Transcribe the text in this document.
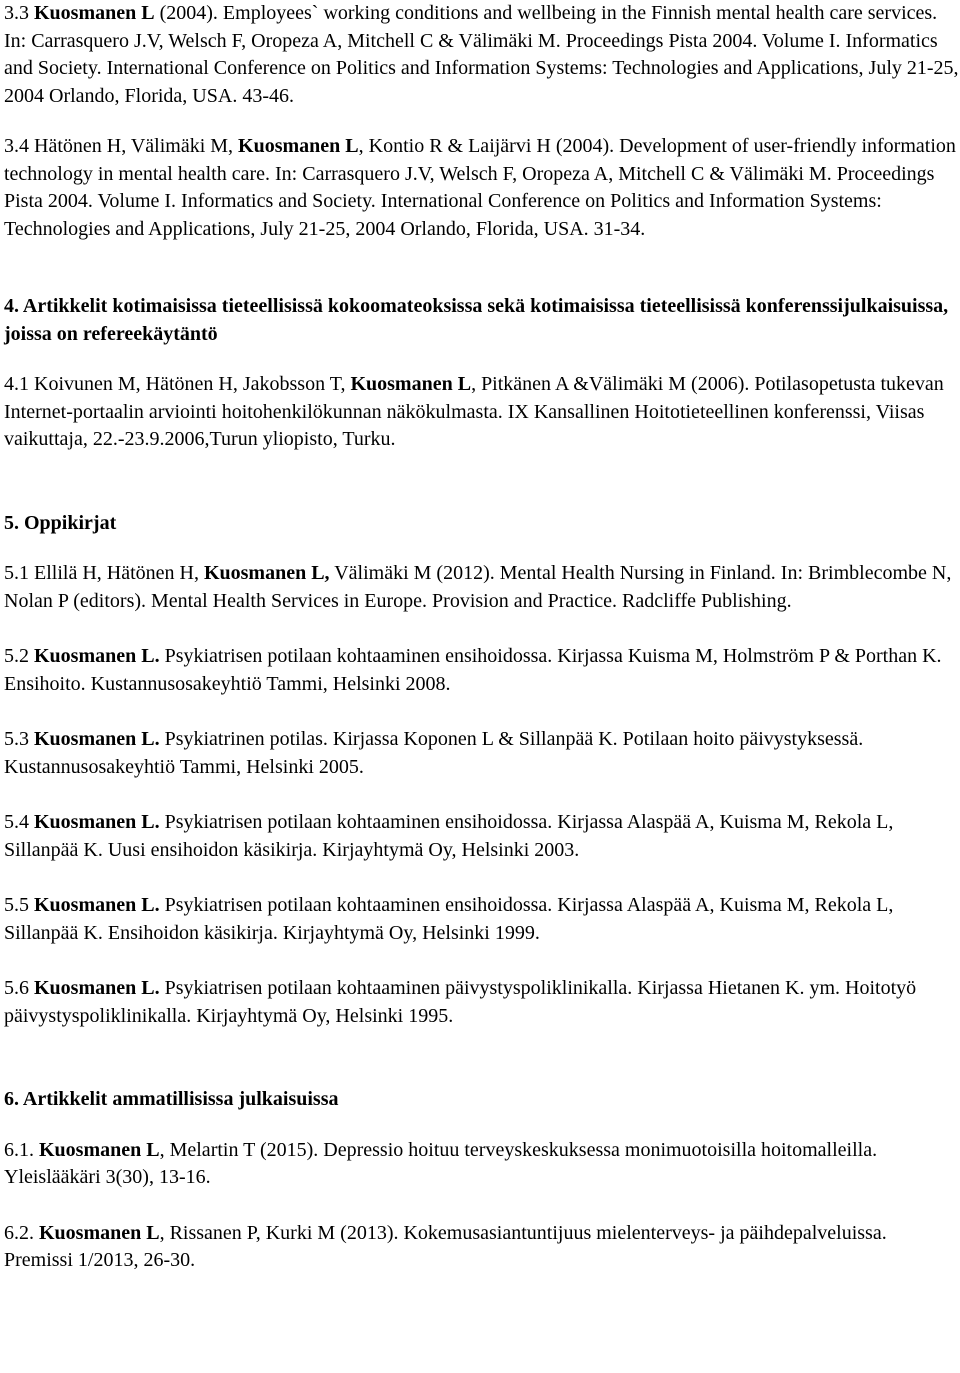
3.3 Kuosmanen L (2004). Employees` working conditions and wellbeing in the Finnish mental health care services. In: Carrasquero J.V, Welsch F, Oropeza A, Mitchell C & Välimäki M. Proceedings Pista 2004. Volume I. Informatics and Society. International Conference on Politics and Information Systems: Technologies and Applications, July 21-25, 2004 Orlando, Florida, USA. 43-46.

3.4 Hätönen H, Välimäki M, Kuosmanen L, Kontio R & Laijärvi H (2004). Development of user-friendly information technology in mental health care. In: Carrasquero J.V, Welsch F, Oropeza A, Mitchell C & Välimäki M. Proceedings Pista 2004. Volume I. Informatics and Society. International Conference on Politics and Information Systems: Technologies and Applications, July 21-25, 2004 Orlando, Florida, USA. 31-34.

4. Artikkelit kotimaisissa tieteellisissä kokoomateoksissa sekä kotimaisissa tieteellisissä konferenssijulkaisuissa, joissa on refereekäytäntö

4.1 Koivunen M, Hätönen H, Jakobsson T, Kuosmanen L, Pitkänen A &Välimäki M (2006). Potilasopetusta tukevan Internet-portaalin arviointi hoitohenkilökunnan näkökulmasta. IX Kansallinen Hoitotieteellinen konferenssi, Viisas vaikuttaja, 22.-23.9.2006,Turun yliopisto, Turku.

5. Oppikirjat

5.1 Ellilä H, Hätönen H, Kuosmanen L, Välimäki M (2012). Mental Health Nursing in Finland. In: Brimblecombe N, Nolan P (editors). Mental Health Services in Europe. Provision and Practice. Radcliffe Publishing.

5.2 Kuosmanen L. Psykiatrisen potilaan kohtaaminen ensihoidossa. Kirjassa Kuisma M, Holmström P & Porthan K. Ensihoito. Kustannusosakeyhtiö Tammi, Helsinki 2008.

5.3 Kuosmanen L. Psykiatrinen potilas. Kirjassa Koponen L & Sillanpää K. Potilaan hoito päivystyksessä. Kustannusosakeyhtiö Tammi, Helsinki 2005.

5.4 Kuosmanen L. Psykiatrisen potilaan kohtaaminen ensihoidossa. Kirjassa Alaspää A, Kuisma M, Rekola L, Sillanpää K. Uusi ensihoidon käsikirja. Kirjayhtymä Oy, Helsinki 2003.

5.5 Kuosmanen L. Psykiatrisen potilaan kohtaaminen ensihoidossa. Kirjassa Alaspää A, Kuisma M, Rekola L, Sillanpää K. Ensihoidon käsikirja. Kirjayhtymä Oy, Helsinki 1999.

5.6 Kuosmanen L. Psykiatrisen potilaan kohtaaminen päivystyspoliklinikalla. Kirjassa Hietanen K. ym. Hoitotyö päivystyspoliklinikalla. Kirjayhtymä Oy, Helsinki 1995.

6. Artikkelit ammatillisissa julkaisuissa

6.1. Kuosmanen L, Melartin T (2015). Depressio hoituu terveyskeskuksessa monimuotoisilla hoitomalleilla. Yleislääkäri 3(30), 13-16.

6.2. Kuosmanen L, Rissanen P, Kurki M (2013). Kokemusasiantuntijuus mielenterveys- ja päihdepalveluissa. Premissi 1/2013, 26-30.
